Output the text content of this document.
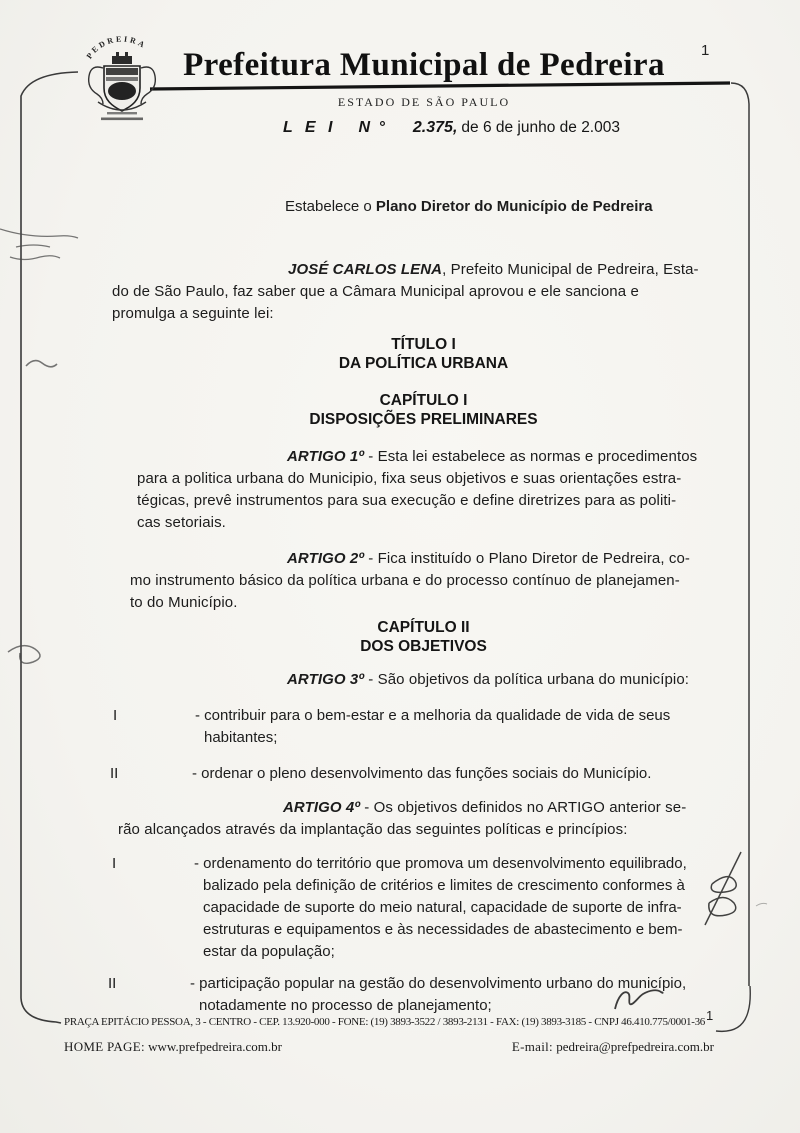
PEDREIRA	1
Prefeitura Municipal de Pedreira
ESTADO DE SÃO PAULO
L E I N ° 2.375, de 6 de junho de 2.003
Estabelece o Plano Diretor do Município de Pedreira
JOSÉ CARLOS LENA, Prefeito Municipal de Pedreira, Esta-
do de São Paulo, faz saber que a Câmara Municipal aprovou e ele sanciona e
promulga a seguinte lei:
TÍTULO I
DA POLÍTICA URBANA
CAPÍTULO I
DISPOSIÇÕES PRELIMINARES
ARTIGO 1º - Esta lei estabelece as normas e procedimentos
para a politica urbana do Municipio, fixa seus objetivos e suas orientações estra-
tégicas, prevê instrumentos para sua execução e define diretrizes para as politi-
cas setoriais.
ARTIGO 2º - Fica instituído o Plano Diretor de Pedreira, co-
mo instrumento básico da política urbana e do processo contínuo de planejamen-
to do Município.
CAPÍTULO II
DOS OBJETIVOS
ARTIGO 3º - São objetivos da política urbana do município:
I	- contribuir para o bem-estar e a melhoria da qualidade de vida de seus
habitantes;
II	- ordenar o pleno desenvolvimento das funções sociais do Município.
ARTIGO 4º - Os objetivos definidos no ARTIGO anterior se-
rão alcançados através da implantação das seguintes políticas e princípios:
I	- ordenamento do território que promova um desenvolvimento equilibrado,
balizado pela definição de critérios e limites de crescimento conformes à
capacidade de suporte do meio natural, capacidade de suporte de infra-
estruturas e equipamentos e às necessidades de abastecimento e bem-
estar da população;
II	- participação popular na gestão do desenvolvimento urbano do município,
notadamente no processo de planejamento;
PRAÇA EPITÁCIO PESSOA, 3 - CENTRO - CEP. 13.920-000 - FONE: (19) 3893-3522 / 3893-2131 - FAX: (19) 3893-3185 - CNPJ 46.410.775/0001-36 1
HOME PAGE: www.prefpedreira.com.br	E-mail: pedreira@prefpedreira.com.br
